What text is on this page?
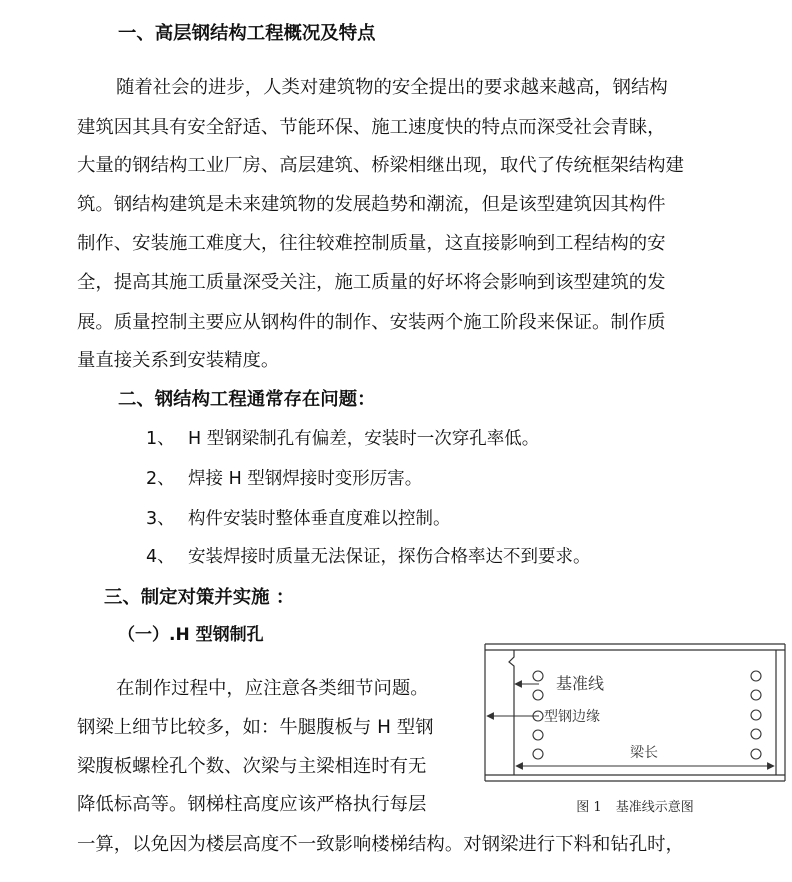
一、高层钢结构工程概况及特点
随着社会的进步，人类对建筑物的安全提出的要求越来越高，钢结构
建筑因其具有安全舒适、节能环保、施工速度快的特点而深受社会青睐，
大量的钢结构工业厂房、高层建筑、桥梁相继出现，取代了传统框架结构建
筑。钢结构建筑是未来建筑物的发展趋势和潮流，但是该型建筑因其构件
制作、安装施工难度大，往往较难控制质量，这直接影响到工程结构的安
全，提高其施工质量深受关注，施工质量的好坏将会影响到该型建筑的发
展。质量控制主要应从钢构件的制作、安装两个施工阶段来保证。制作质
量直接关系到安装精度。
二、钢结构工程通常存在问题：
1、 H 型钢梁制孔有偏差，安装时一次穿孔率低。
2、 焊接 H 型钢焊接时变形厉害。
3、 构件安装时整体垂直度难以控制。
4、 安装焊接时质量无法保证，探伤合格率达不到要求。
三、制定对策并实施 ：
（一）.H 型钢制孔
在制作过程中，应注意各类细节问题。
钢梁上细节比较多，如：牛腿腹板与 H 型钢
梁腹板螺栓孔个数、次梁与主梁相连时有无
降低标高等。钢梯柱高度应该严格执行每层
一算，以免因为楼层高度不一致影响楼梯结构。对钢梁进行下料和钻孔时，
基准线
型钢边缘
梁长
图 1 基准线示意图
